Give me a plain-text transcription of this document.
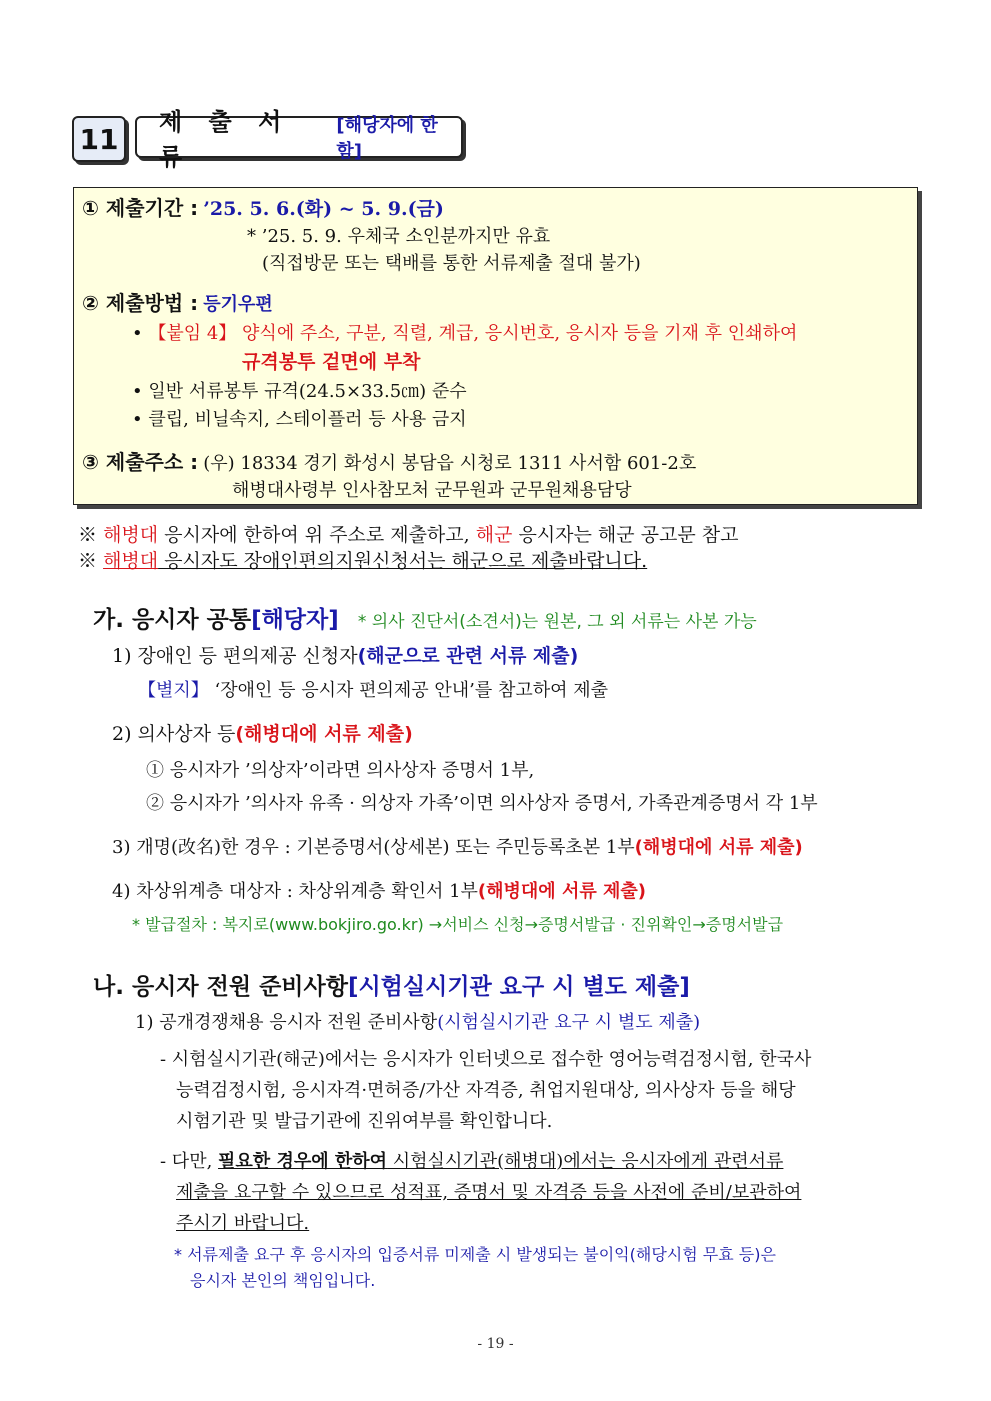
11
제 출 서 류
[해당자에 한함]
① 제출기간 : ’25. 5. 6.(화) ~ 5. 9.(금)
* ’25. 5. 9. 우체국 소인분까지만 유효
(직접방문 또는 택배를 통한 서류제출 절대 불가)
② 제출방법 : 등기우편
• 【붙임 4】 양식에 주소, 구분, 직렬, 계급, 응시번호, 응시자 등을 기재 후 인쇄하여
규격봉투 겉면에 부착
• 일반 서류봉투 규격(24.5×33.5㎝) 준수
• 클립, 비닐속지, 스테이플러 등 사용 금지
③ 제출주소 : (우) 18334 경기 화성시 봉담읍 시청로 1311 사서함 601-2호
해병대사령부 인사참모처 군무원과 군무원채용담당
※ 해병대 응시자에 한하여 위 주소로 제출하고, 해군 응시자는 해군 공고문 참고
※ 해병대 응시자도 장애인편의지원신청서는 해군으로 제출바랍니다.
가. 응시자 공통[해당자] * 의사 진단서(소견서)는 원본, 그 외 서류는 사본 가능
1) 장애인 등 편의제공 신청자(해군으로 관련 서류 제출)
【별지】 ‘장애인 등 응시자 편의제공 안내’를 참고하여 제출
2) 의사상자 등(해병대에 서류 제출)
① 응시자가 ’의상자’이라면 의사상자 증명서 1부,
② 응시자가 ’의사자 유족 · 의상자 가족’이면 의사상자 증명서, 가족관계증명서 각 1부
3) 개명(改名)한 경우 : 기본증명서(상세본) 또는 주민등록초본 1부(해병대에 서류 제출)
4) 차상위계층 대상자 : 차상위계층 확인서 1부(해병대에 서류 제출)
* 발급절차 : 복지로(www.bokjiro.go.kr) →서비스 신청→증명서발급 · 진위확인→증명서발급
나. 응시자 전원 준비사항[시험실시기관 요구 시 별도 제출]
1) 공개경쟁채용 응시자 전원 준비사항(시험실시기관 요구 시 별도 제출)
- 시험실시기관(해군)에서는 응시자가 인터넷으로 접수한 영어능력검정시험, 한국사
능력검정시험, 응시자격·면허증/가산 자격증, 취업지원대상, 의사상자 등을 해당
시험기관 및 발급기관에 진위여부를 확인합니다.
- 다만, 필요한 경우에 한하여 시험실시기관(해병대)에서는 응시자에게 관련서류
제출을 요구할 수 있으므로 성적표, 증명서 및 자격증 등을 사전에 준비/보관하여
주시기 바랍니다.
* 서류제출 요구 후 응시자의 입증서류 미제출 시 발생되는 불이익(해당시험 무효 등)은
응시자 본인의 책임입니다.
- 19 -
